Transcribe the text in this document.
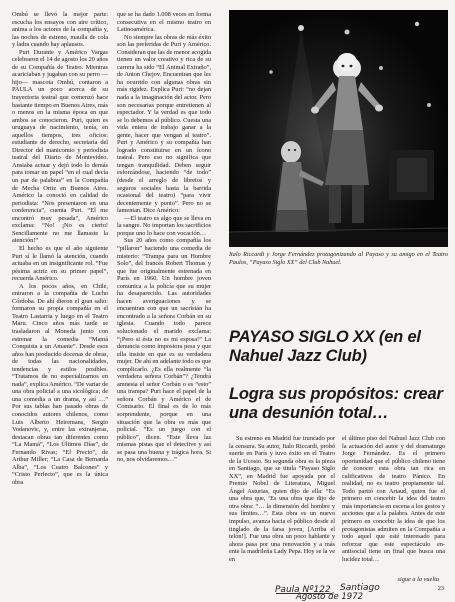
Ombú se llevó la mejor parte: escucha los ensayos con aire crítico, anima a los actores de la compañía y, las noches de estreno, maulla de cola y ladra cuando hay aplausos.

Puri Durante y Américo Vargas celebraron el 14 de agosto los 20 años de su Compañía de Teatro. Mientras acariciaban y jugaban con su perro —hijo— mascota Ombú, contaron a PAULA un poco acerca de su trayectoria teatral que comenzó hace bastante tiempo en Buenos Aires, más o menos en la misma época en que ambos se conocieron. Puri, quien es uruguaya de nacimiento, tenía, en aquellos tiempos, tres oficios: estudiante de derecho, secretaria del Director del manicomio y periodista teatral del Diario de Montevideo. Ansiaba actuar y dejó todo lo demás para tomar un papel “en el cual decía un par de palabras” en la Compañía de Mecha Ortiz en Buenos Aires. Américo la conoció en calidad de periodista: “Nos presentaron en una conferencia”, cuenta Puri. “El me encontró muy pesada”, Américo exclama: “No! ¡No es cierto! Sencillamente no me llamaste la atención!”

El hecho es que el año siguiente Puri sí le llamó la atención, cuando actuaba en un insignificante rol. “Fue pésima actriz en su primer papel”, recuerda Américo.

A los pocos años, en Chile, entraron a la compañía de Lucho Córdoba. De ahí dieron el gran salto: formaron su propia compañía en el Teatro Lastarria y luego en el Teatro Maru. Cinco años más tarde se trasladaron al Moneda junto con estrenar la comedia “Mamá Conquista a un Amante”. Desde esos años han producido docenas de obras, de todas las nacionalidades, tendencias y estilos posibles. “Tratamos de no especializarnos en nada”, explica Américo. “De variar de una obra policial a una sicológica; de una comedia a un drama, y así …” Por sus tablas han pasado obras de conocidos autores chilenos, como Luis Alberto Heiremans, Sergio Vodanovic, y, entre las extranjeras, destacan obras tan diferentes como “La Mamá”, “Los Últimos Días”, de Fernando Rivas; “El Precio”, de Arthur Miller; “La Casa de Bernarda Alba”, “Los Cuatro Balcones” y “Cristo Perfecto”, que es la única obra

que se ha dado 1.008 veces en forma consecutiva en el mismo teatro en Latinoamérica.

No siempre las obras de más éxito son las preferidas de Puri y Américo. Consideran que las de menor acogida tienen un valor creativo y rica de su carrera ha sido “El Animal Extraño”, de Anton Chejov. Encuentran que les ha ocurrido con algunas obras sin más rigidez. Explica Puri: “no dejan nada a la imaginación del actor. Pero son necesarias porque entretienen al espectador. Y la verdad es que todo se lo debemos al público. Cuesta una vida entera de trabajo ganar a la gente, hacer que vengan al teatro”. Puri y Américo y su compañía han logrado constituirse en un ícono teatral. Pero eso no significa que tengan tranquilidad. Deben seguir esforzándose, haciendo “de todo” (desde el arreglo de libretos y seguros sociales hasta la barrida ocasional del teatro) “para vivir decentemente y punto”. Pero no se lamentan. Dice Américo:

—El teatro es algo que se lleva en la sangre. No importan los sacrificios porque uno lo hace con vocación…

Sus 20 años como compañía los “pillaron” haciendo una comedia de misterio: “Trampa para un Hombre Solo”, del francés Robert Thomas y que fue originalmente estrenada en París en 1960. Un hombre joven comunica a la policía que su mujer ha desaparecido. Las autoridades hacen averiguaciones y se encuentran con que un sacristán ha encontrado a la señora Corbán en su iglesia. Cuando todo parece solucionado el marido exclama: “¡Pero si ésta no es mi esposa!” La denuncia como impostora pesa y que ella insiste en que es su verdadera mujer. De ahí en adelante todo es que complicarlo. ¿Es ella realmente “la verdadera señora Corbán”? ¿Tendrá amnesia el señor Corbán o es “esto” una trampa? Puri hace el papel de la señora Corbán y Américo el de Comisario. El final es de lo más sorprendente, porque en una situación que la obra es más que policial. “Es un juego con el público”, dicen. “Este lleva las mismas pistas que el detective y así se pasa una buena y trágica hora. Si no, nos olvidaremos…”

Italo Riccardi y Jorge Fernández protagonizando al Payaso y su amigo en el Teatro Paulos, “Payaso Siglo XX” del Club Nahuel.
PAYASO SIGLO XX (en el Nahuel Jazz Club)
Logra sus propósitos: crear una desunión total…

Su estreno en Madrid fue truncado por la censura. Su autor, Italo Riccardi, probó suerte en París y tuvo éxito en el Teatro de la Ucosio. Su segunda obra es la pieza en Santiago, que se titula “Payaso Siglo XX”, en Madrid fue apoyada por el Premio Nobel de Literatura, Miguel Ángel Asturias, quien dijo de ella: “Es una obra que, ‘Es una obra que dijo de otra obra: “… la dimensión del hombre y sus límites…”. Esta obra es un nuevo impulso, avanza hacia el público desde el tinglado de la farsa joven, [Arriba el telón!]. Fue una obra un poco hablante y ahora pasa por una renovación y a más ente la madrileña Lady Pepa. Hoy se la ve en

el último piso del Nahuel Jazz Club con la actuación del autor y del dramaturgo Jorge Fernández. Es el primero oportunidad que el público chileno tiene de conocer esta obra tan rica en calificativos de teatro Pánico. En realidad, no es teatro propiamente tal. Todo partió con Artaud, quien fue el primero en concebir la idea del teatro más importancia en escena a los gestos y acciones que a la palabra. Antes de este primero en concebir la idea de que los protagonistas admiten en la Compañía a todo aquel que esté interesado para reforzar que este espectáculo en-antisocial tiene un final que busca una lucidez total…

sigue a la vuelta
23
Paula Nº122 Santiago
Agosto de 1972
